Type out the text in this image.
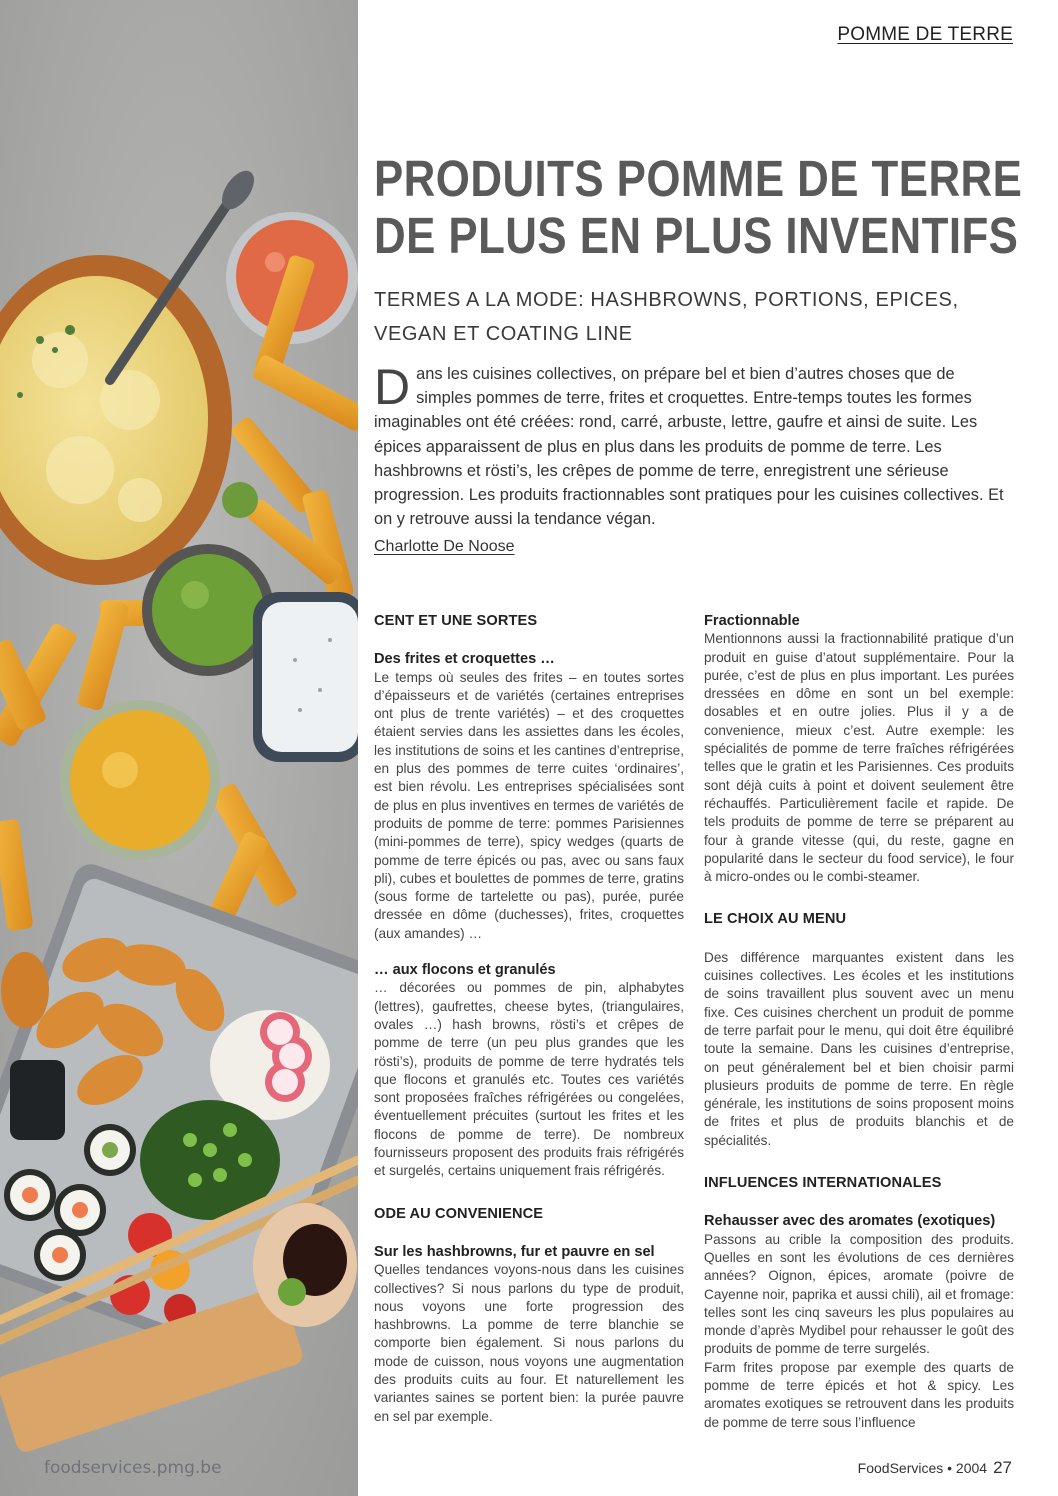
foodservices.pmg.be
POMME DE TERRE
PRODUITS POMME DE TERRE
DE PLUS EN PLUS INVENTIFS
TERMES A LA MODE: HASHBROWNS, PORTIONS, EPICES, VEGAN ET COATING LINE

Dans les cuisines collectives, on prépare bel et bien d’autres choses que de simples pommes de terre, frites et croquettes. Entre-temps toutes les formes imaginables ont été créées: rond, carré, arbuste, lettre, gaufre et ainsi de suite. Les épices apparaissent de plus en plus dans les produits de pomme de terre. Les hashbrowns et rösti’s, les crêpes de pomme de terre, enregistrent une sérieuse progression. Les produits fractionnables sont pratiques pour les cuisines collectives. Et on y retrouve aussi la tendance végan.

Charlotte De Noose
CENT ET UNE SORTES
Des frites et croquettes …

Le temps où seules des frites – en toutes sortes d’épaisseurs et de variétés (certaines entreprises ont plus de trente variétés) – et des croquettes étaient servies dans les assiettes dans les écoles, les institutions de soins et les cantines d’entreprise, en plus des pommes de terre cuites ‘ordinaires’, est bien révolu. Les entreprises spécialisées sont de plus en plus inventives en termes de variétés de produits de pomme de terre: pommes Parisiennes (mini-pommes de terre), spicy wedges (quarts de pomme de terre épicés ou pas, avec ou sans faux pli), cubes et boulettes de pommes de terre, gratins (sous forme de tartelette ou pas), purée, purée dressée en dôme (duchesses), frites, croquettes (aux amandes) …

… aux flocons et granulés

… décorées ou pommes de pin, alphabytes (lettres), gaufrettes, cheese bytes, (triangulaires, ovales …) hash browns, rösti’s et crêpes de pomme de terre (un peu plus grandes que les rösti’s), produits de pomme de terre hydratés tels que flocons et granulés etc. Toutes ces variétés sont proposées fraîches réfrigérées ou congelées, éventuellement précuites (surtout les frites et les flocons de pomme de terre). De nombreux fournisseurs proposent des produits frais réfrigérés et surgelés, certains uniquement frais réfrigérés.

ODE AU CONVENIENCE
Sur les hashbrowns, fur et pauvre en sel

Quelles tendances voyons-nous dans les cuisines collectives? Si nous parlons du type de produit, nous voyons une forte progression des hashbrowns. La pomme de terre blanchie se comporte bien également. Si nous parlons du mode de cuisson, nous voyons une augmentation des produits cuits au four. Et naturellement les variantes saines se portent bien: la purée pauvre en sel par exemple.

Fractionnable

Mentionnons aussi la fractionnabilité pratique d’un produit en guise d’atout supplémentaire. Pour la purée, c’est de plus en plus important. Les purées dressées en dôme en sont un bel exemple: dosables et en outre jolies. Plus il y a de convenience, mieux c’est. Autre exemple: les spécialités de pomme de terre fraîches réfrigérées telles que le gratin et les Parisiennes. Ces produits sont déjà cuits à point et doivent seulement être réchauffés. Particulièrement facile et rapide. De tels produits de pomme de terre se préparent au four à grande vitesse (qui, du reste, gagne en popularité dans le secteur du food service), le four à micro-ondes ou le combi-steamer.

LE CHOIX AU MENU

Des différence marquantes existent dans les cuisines collectives. Les écoles et les institutions de soins travaillent plus souvent avec un menu fixe. Ces cuisines cherchent un produit de pomme de terre parfait pour le menu, qui doit être équilibré toute la semaine. Dans les cuisines d’entreprise, on peut généralement bel et bien choisir parmi plusieurs produits de pomme de terre. En règle générale, les institutions de soins proposent moins de frites et plus de produits blanchis et de spécialités.

INFLUENCES INTERNATIONALES
Rehausser avec des aromates (exotiques)

Passons au crible la composition des produits. Quelles en sont les évolutions de ces dernières années? Oignon, épices, aromate (poivre de Cayenne noir, paprika et aussi chili), ail et fromage: telles sont les cinq saveurs les plus populaires au monde d’après Mydibel pour rehausser le goût des produits de pomme de terre surgelés.

Farm frites propose par exemple des quarts de pomme de terre épicés et hot & spicy. Les aromates exotiques se retrouvent dans les produits de pomme de terre sous l’influence

FoodServices • 2004 27
